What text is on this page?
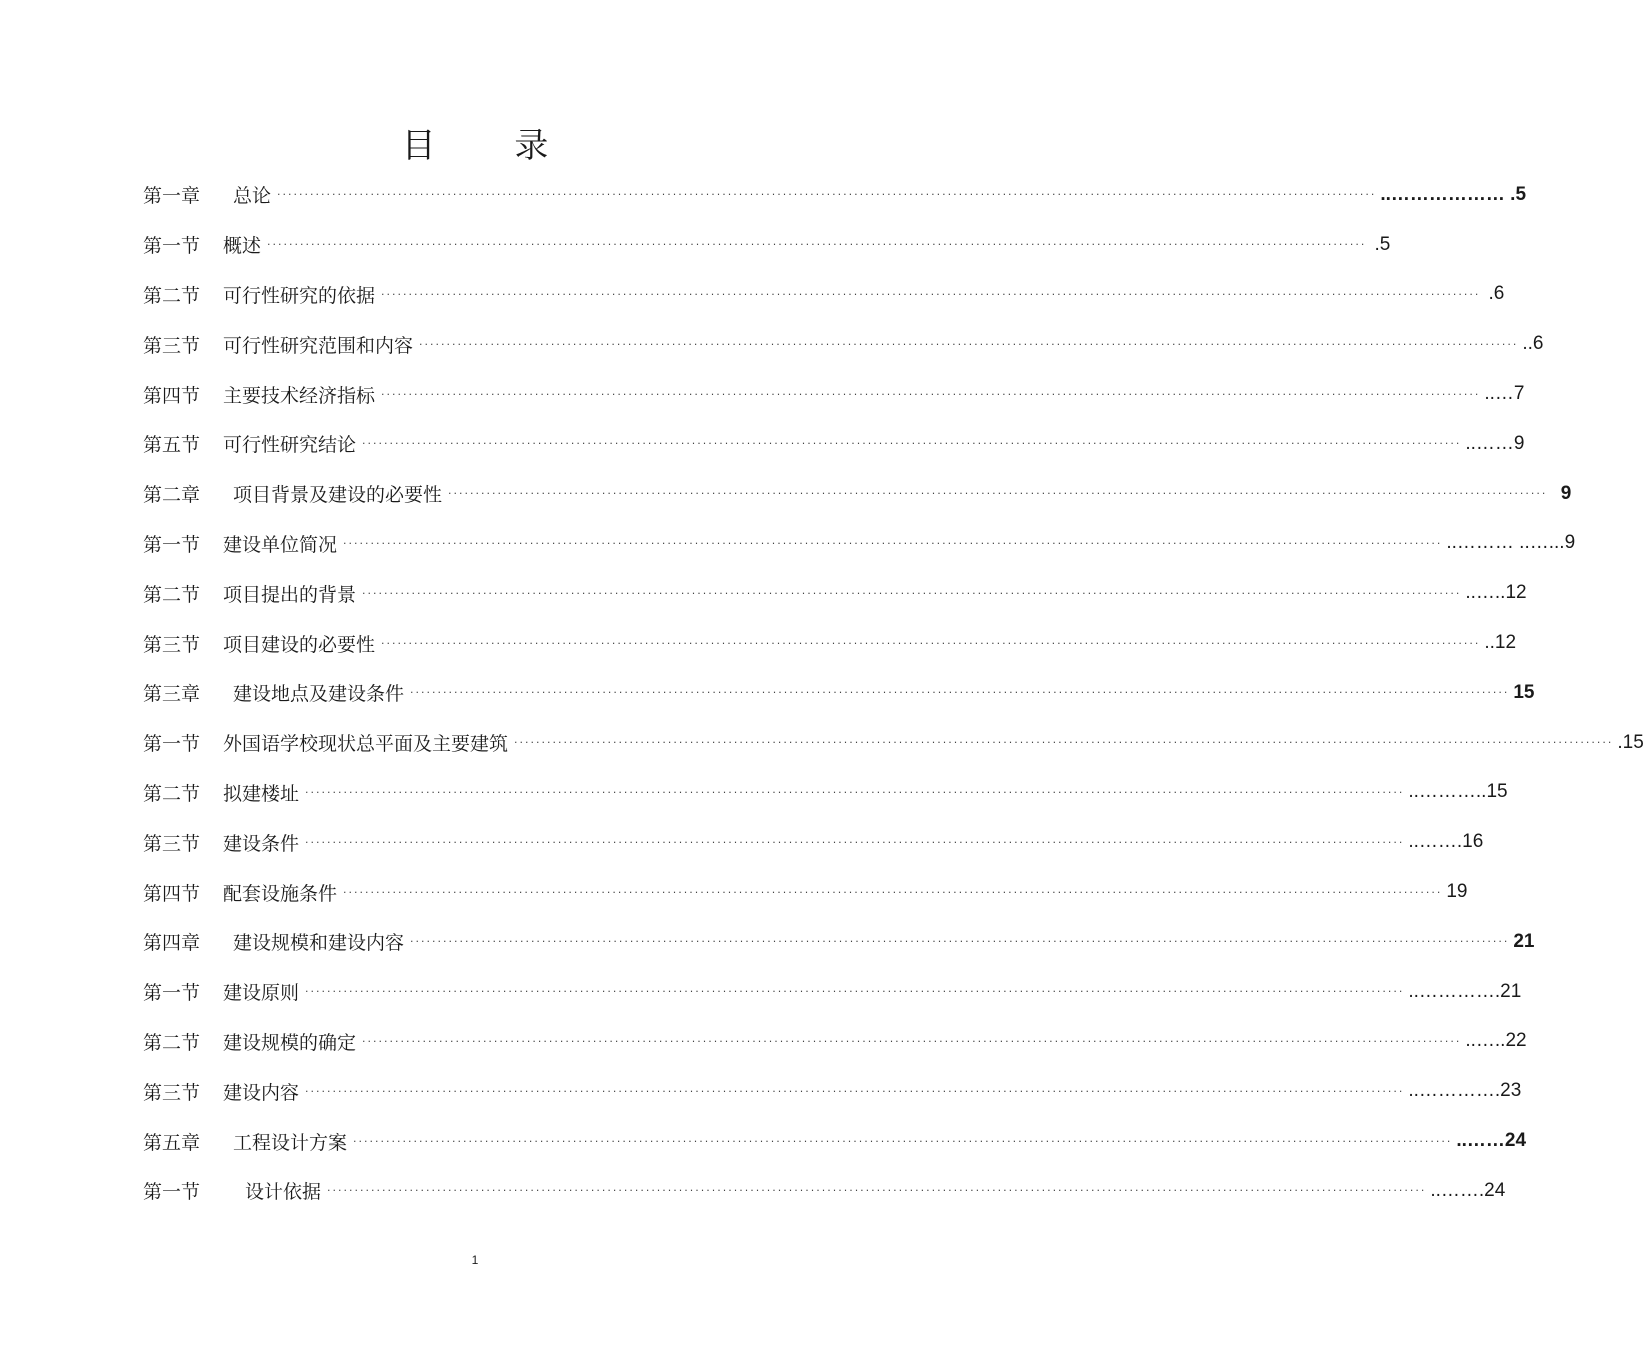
目 录
第一章	总论 ········································································································································································································ ..……………… .5
第一节	概述 ········································································································································································································ .5
第二节	可行性研究的依据 ········································································································································································································ .6
第三节	可行性研究范围和内容 ········································································································································································································ ..6
第四节	主要技术经济指标 ········································································································································································································ ..…7
第五节	可行性研究结论 ········································································································································································································ ..……9
第二章	项目背景及建设的必要性 ········································································································································································································ 9
第一节	建设单位简况 ········································································································································································································ ..……… ..…...9
第二节	项目提出的背景 ········································································································································································································ ..…..12
第三节	项目建设的必要性 ········································································································································································································ ..12
第三章	建设地点及建设条件 ········································································································································································································ 15
第一节	外国语学校现状总平面及主要建筑 ········································································································································································································ .15
第二节	拟建楼址 ········································································································································································································ ..………..15
第三节	建设条件 ········································································································································································································ ..…….16
第四节	配套设施条件 ········································································································································································································ 19
第四章	建设规模和建设内容 ········································································································································································································ 21
第一节	建设原则 ········································································································································································································ ..………….21
第二节	建设规模的确定 ········································································································································································································ ..…..22
第三节	建设内容 ········································································································································································································ ..………….23
第五章	工程设计方案 ········································································································································································································ ..……24
第一节	设计依据 ········································································································································································································ ..…….24
1
